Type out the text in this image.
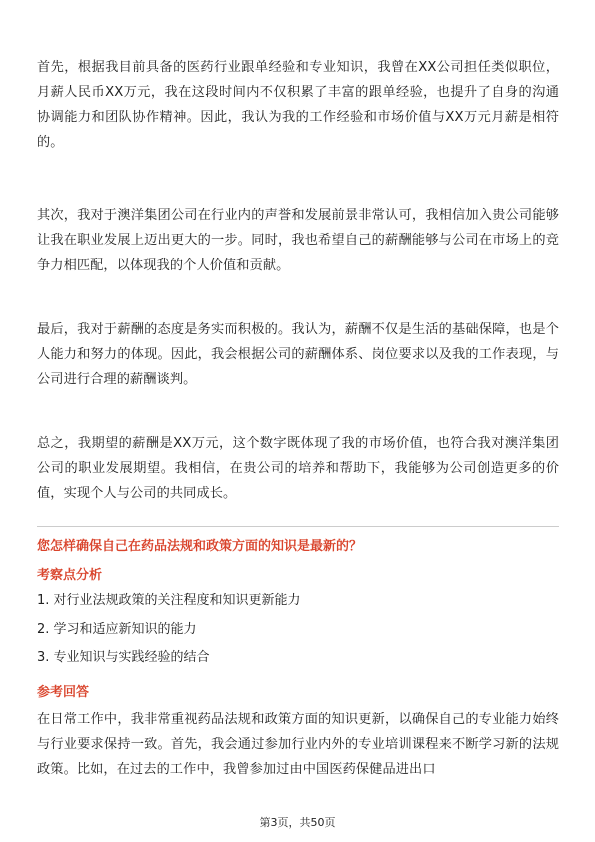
首先，根据我目前具备的医药行业跟单经验和专业知识，我曾在XX公司担任类似职位，月薪人民币XX万元，我在这段时间内不仅积累了丰富的跟单经验，也提升了自身的沟通协调能力和团队协作精神。因此，我认为我的工作经验和市场价值与XX万元月薪是相符的。

其次，我对于澳洋集团公司在行业内的声誉和发展前景非常认可，我相信加入贵公司能够让我在职业发展上迈出更大的一步。同时，我也希望自己的薪酬能够与公司在市场上的竞争力相匹配，以体现我的个人价值和贡献。

最后，我对于薪酬的态度是务实而积极的。我认为，薪酬不仅是生活的基础保障，也是个人能力和努力的体现。因此，我会根据公司的薪酬体系、岗位要求以及我的工作表现，与公司进行合理的薪酬谈判。

总之，我期望的薪酬是XX万元，这个数字既体现了我的市场价值，也符合我对澳洋集团公司的职业发展期望。我相信，在贵公司的培养和帮助下，我能够为公司创造更多的价值，实现个人与公司的共同成长。

您怎样确保自己在药品法规和政策方面的知识是最新的？

考察点分析

1. 对行业法规政策的关注程度和知识更新能力
2. 学习和适应新知识的能力
3. 专业知识与实践经验的结合

参考回答

在日常工作中，我非常重视药品法规和政策方面的知识更新，以确保自己的专业能力始终与行业要求保持一致。首先，我会通过参加行业内外的专业培训课程来不断学习新的法规政策。比如，在过去的工作中，我曾参加过由中国医药保健品进出口

第3页，共50页
